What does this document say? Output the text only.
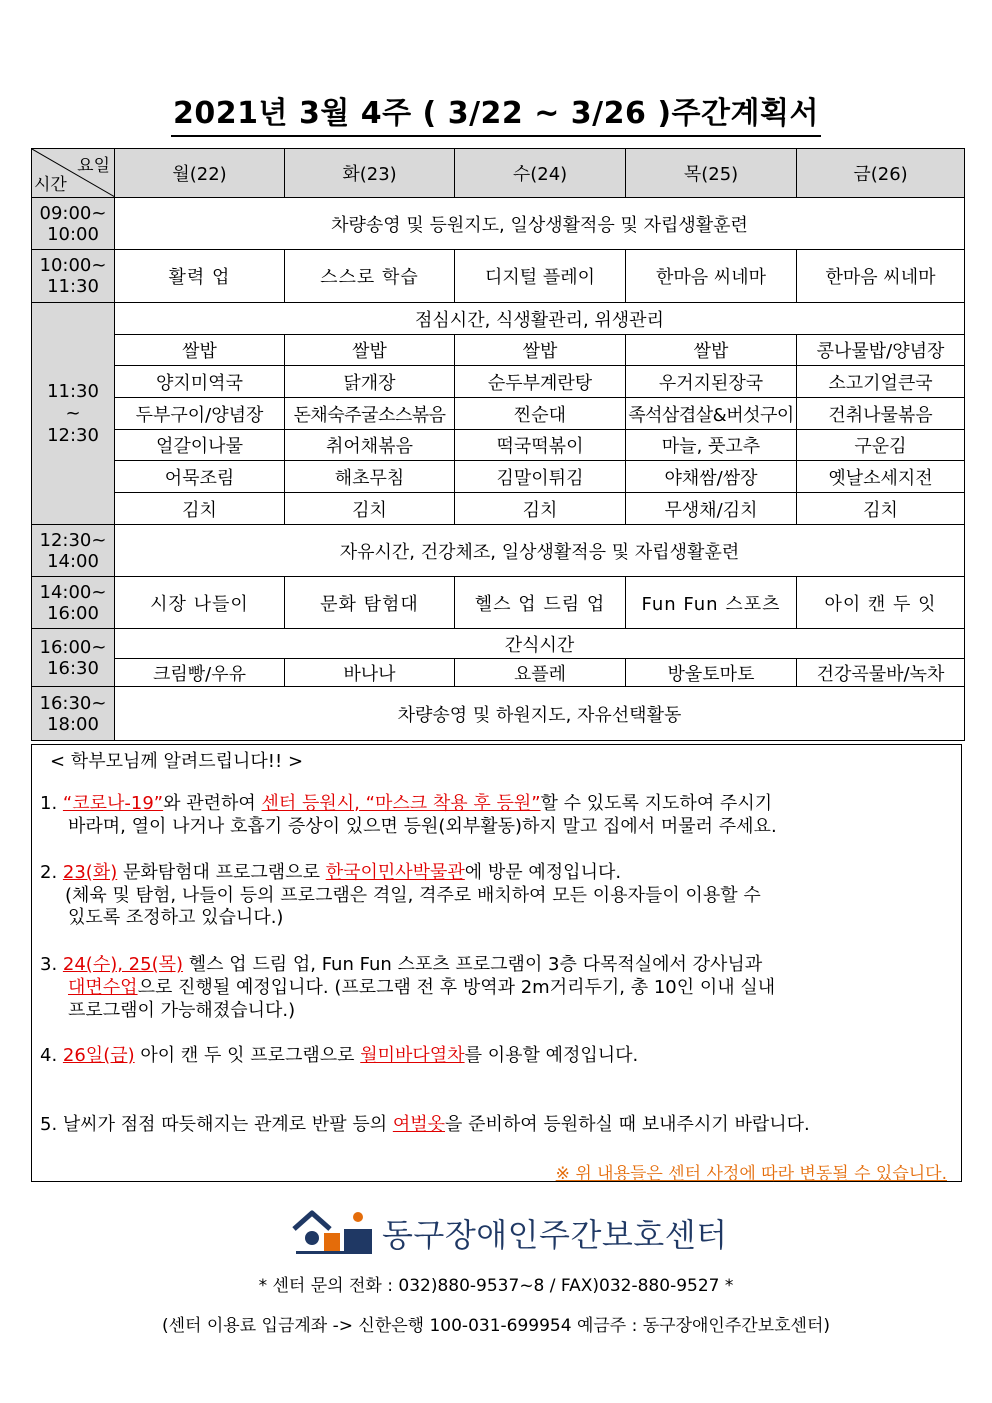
2021년 3월 4주 ( 3/22 ~ 3/26 )주간계획서
요일
시간	월(22)	화(23)	수(24)	목(25)	금(26)

09:00~
10:00	차량송영 및 등원지도, 일상생활적응 및 자립생활훈련				

10:00~
11:30	활력 업	스스로 학습	디지털 플레이	한마음 씨네마	한마음 씨네마

11:30
~
12:30	점심시간, 식생활관리, 위생관리				
	쌀밥	쌀밥	쌀밥	쌀밥	콩나물밥/양념장
	양지미역국	닭개장	순두부계란탕	우거지된장국	소고기얼큰국
	두부구이/양념장	돈채숙주굴소스볶음	찐순대	족석삼겹살&버섯구이	건취나물볶음
	얼갈이나물	취어채볶음	떡국떡볶이	마늘, 풋고추	구운김
	어묵조림	해초무침	김말이튀김	야채쌈/쌈장	옛날소세지전
	김치	김치	김치	무생채/김치	김치

12:30~
14:00	자유시간, 건강체조, 일상생활적응 및 자립생활훈련				

14:00~
16:00	시장 나들이	문화 탐험대	헬스 업 드림 업	Fun Fun 스포츠	아이 캔 두 잇

16:00~
16:30	간식시간				
	크림빵/우유	바나나	요플레	방울토마토	건강곡물바/녹차

16:30~
18:00	차량송영 및 하원지도, 자유선택활동				
< 학부모님께 알려드립니다!! >
1. “코로나-19”와 관련하여 센터 등원시, “마스크 착용 후 등원”할 수 있도록 지도하여 주시기
바라며, 열이 나거나 호흡기 증상이 있으면 등원(외부활동)하지 말고 집에서 머물러 주세요.
2. 23(화) 문화탐험대 프로그램으로 한국이민사박물관에 방문 예정입니다.
(체육 및 탐험, 나들이 등의 프로그램은 격일, 격주로 배치하여 모든 이용자들이 이용할 수
있도록 조정하고 있습니다.)
3. 24(수), 25(목) 헬스 업 드림 업, Fun Fun 스포츠 프로그램이 3층 다목적실에서 강사님과
대면수업으로 진행될 예정입니다. (프로그램 전 후 방역과 2m거리두기, 총 10인 이내 실내
프로그램이 가능해졌습니다.)
4. 26일(금) 아이 캔 두 잇 프로그램으로 월미바다열차를 이용할 예정입니다.
5. 날씨가 점점 따듯해지는 관계로 반팔 등의 여벌옷을 준비하여 등원하실 때 보내주시기 바랍니다.
※ 위 내용들은 센터 사정에 따라 변동될 수 있습니다.
동구장애인주간보호센터
* 센터 문의 전화 : 032)880-9537~8 / FAX)032-880-9527 *
(센터 이용료 입금계좌 -> 신한은행 100-031-699954 예금주 : 동구장애인주간보호센터)
